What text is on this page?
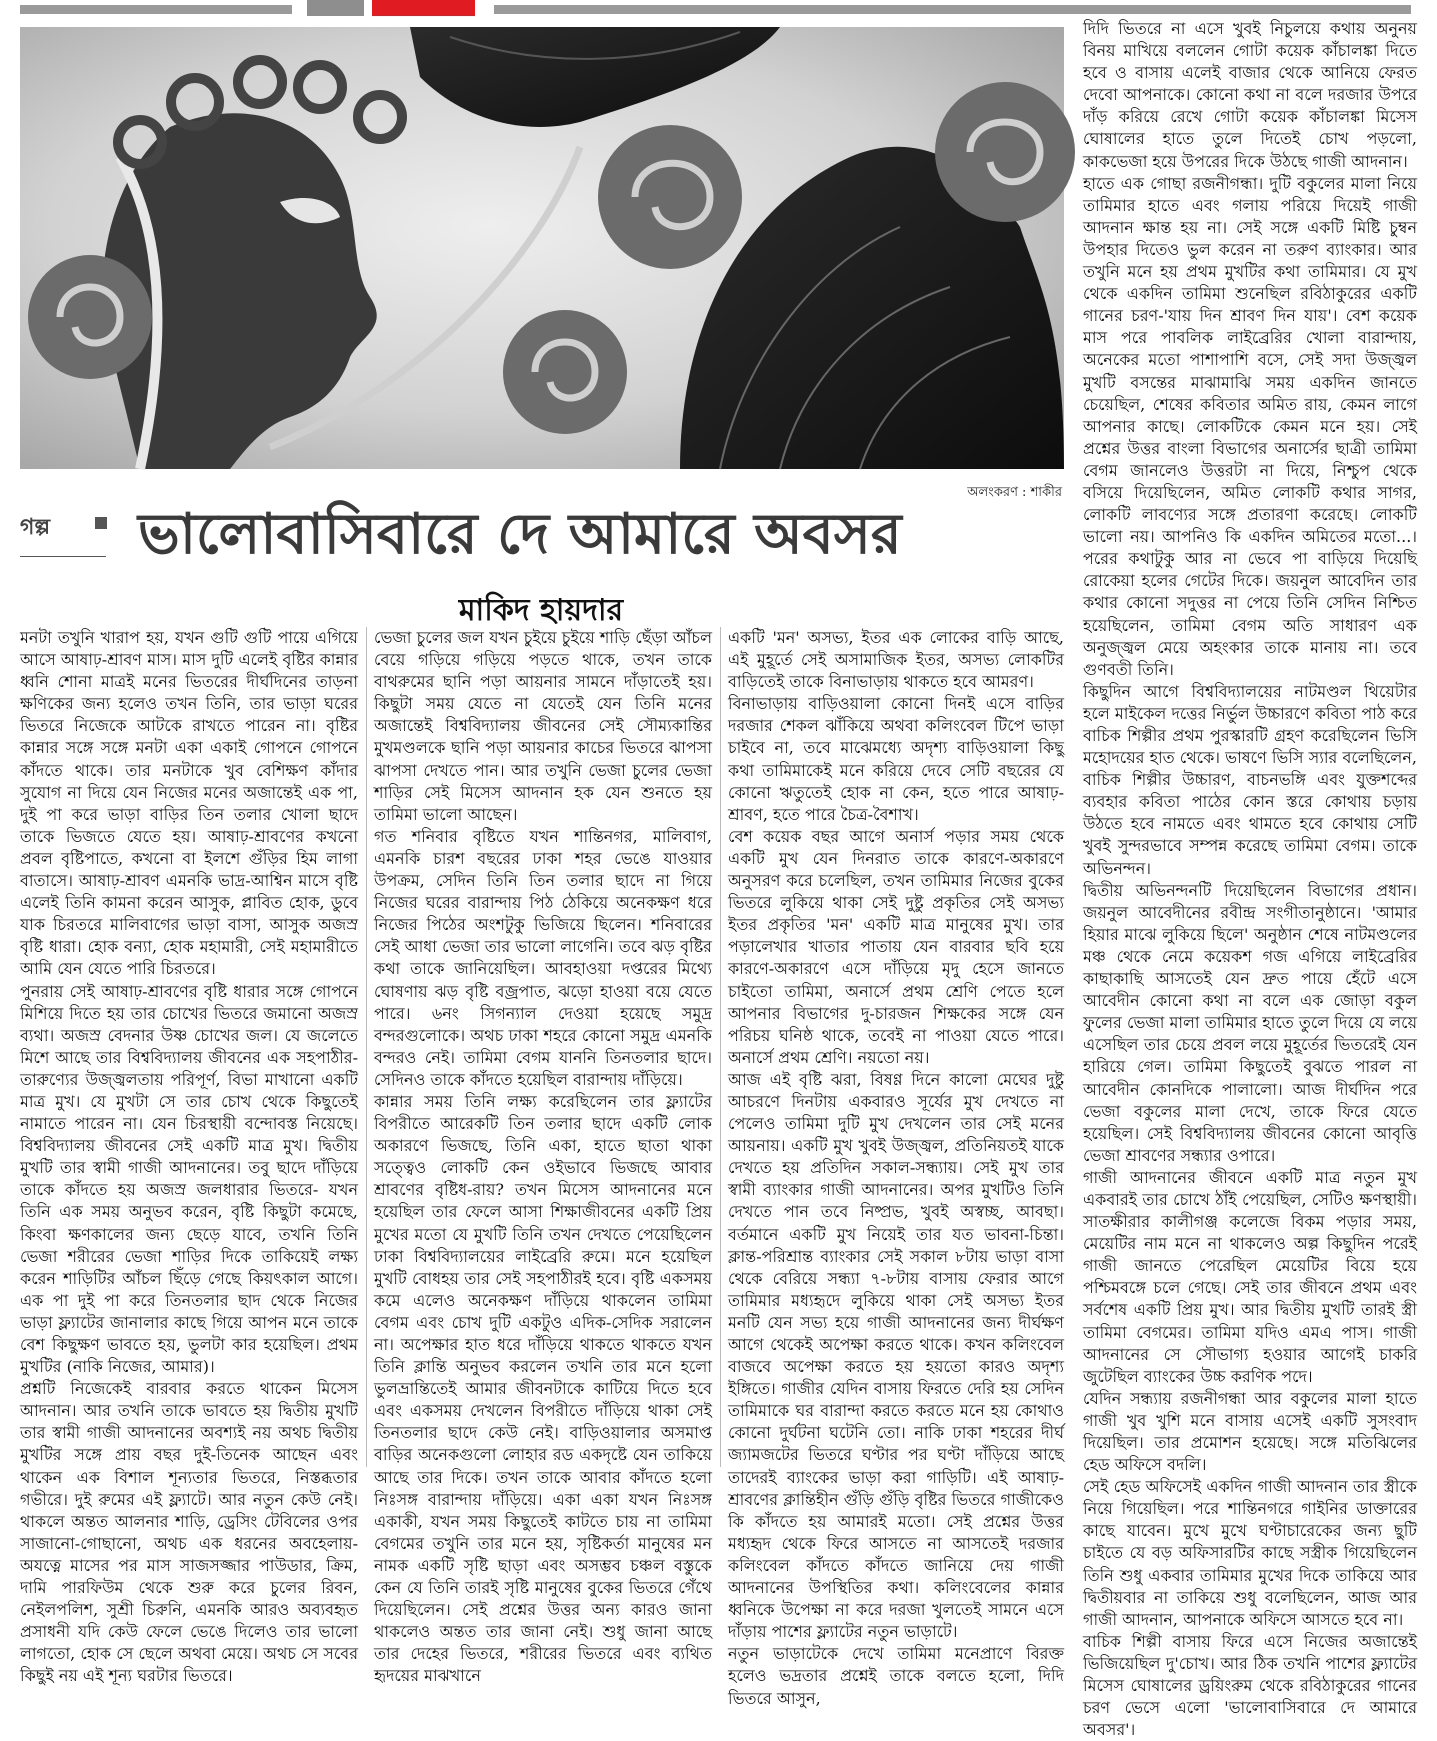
অলংকরণ : শাকীর
গল্প ভালোবাসিবারে দে আমারে অবসর
মাকিদ হায়দার

মনটা তখুনি খারাপ হয়, যখন গুটি গুটি পায়ে এগিয়ে আসে আষাঢ়-শ্রাবণ মাস। মাস দুটি এলেই বৃষ্টির কান্নার ধ্বনি শোনা মাত্রই মনের ভিতরের দীর্ঘদিনের তাড়না ক্ষণিকের জন্য হলেও তখন তিনি, তার ভাড়া ঘরের ভিতরে নিজেকে আটকে রাখতে পারেন না। বৃষ্টির কান্নার সঙ্গে সঙ্গে মনটা একা একাই গোপনে গোপনে কাঁদতে থাকে। তার মনটাকে খুব বেশিক্ষণ কাঁদার সুযোগ না দিয়ে যেন নিজের মনের অজান্তেই এক পা, দুই পা করে ভাড়া বাড়ির তিন তলার খোলা ছাদে তাকে ভিজতে যেতে হয়। আষাঢ়-শ্রাবণের কখনো প্রবল বৃষ্টিপাতে, কখনো বা ইলশে গুঁড়ির হিম লাগা বাতাসে। আষাঢ়-শ্রাবণ এমনকি ভাদ্র-আশ্বিন মাসে বৃষ্টি এলেই তিনি কামনা করেন আসুক, প্লাবিত হোক, ডুবে যাক চিরতরে মালিবাগের ভাড়া বাসা, আসুক অজস্র বৃষ্টি ধারা। হোক বন্যা, হোক মহামারী, সেই মহামারীতে আমি যেন যেতে পারি চিরতরে।

পুনরায় সেই আষাঢ়-শ্রাবণের বৃষ্টি ধারার সঙ্গে গোপনে মিশিয়ে দিতে হয় তার চোখের ভিতরে জমানো অজস্র ব্যথা। অজস্র বেদনার উষ্ণ চোখের জল। যে জলেতে মিশে আছে তার বিশ্ববিদ্যালয় জীবনের এক সহপাঠীর- তারুণ্যের উজ্জ্বলতায় পরিপূর্ণ, বিভা মাখানো একটি মাত্র মুখ। যে মুখটা সে তার চোখ থেকে কিছুতেই নামাতে পারেন না। যেন চিরস্থায়ী বন্দোবস্ত নিয়েছে। বিশ্ববিদ্যালয় জীবনের সেই একটি মাত্র মুখ। দ্বিতীয় মুখটি তার স্বামী গাজী আদনানের। তবু ছাদে দাঁড়িয়ে তাকে কাঁদতে হয় অজস্র জলধারার ভিতরে- যখন তিনি এক সময় অনুভব করেন, বৃষ্টি কিছুটা কমেছে, কিংবা ক্ষণকালের জন্য ছেড়ে যাবে, তখনি তিনি ভেজা শরীরের ভেজা শাড়ির দিকে তাকিয়েই লক্ষ্য করেন শাড়িটির আঁচল ছিঁড়ে গেছে কিয়ৎকাল আগে। এক পা দুই পা করে তিনতলার ছাদ থেকে নিজের ভাড়া ফ্ল্যাটের জানালার কাছে গিয়ে আপন মনে তাকে বেশ কিছুক্ষণ ভাবতে হয়, ভুলটা কার হয়েছিল। প্রথম মুখটির (নাকি নিজের, আমার)।

প্রশ্নটি নিজেকেই বারবার করতে থাকেন মিসেস আদনান। আর তখনি তাকে ভাবতে হয় দ্বিতীয় মুখটি তার স্বামী গাজী আদনানের অবশ্যই নয় অথচ দ্বিতীয় মুখটির সঙ্গে প্রায় বছর দুই-তিনেক আছেন এবং থাকেন এক বিশাল শূন্যতার ভিতরে, নিস্তব্ধতার গভীরে। দুই রুমের এই ফ্ল্যাটে। আর নতুন কেউ নেই। থাকলে অন্তত আলনার শাড়ি, ড্রেসিং টেবিলের ওপর সাজানো-গোছানো, অথচ এক ধরনের অবহেলায়-অযত্নে মাসের পর মাস সাজসজ্জার পাউডার, ক্রিম, দামি পারফিউম থেকে শুরু করে চুলের রিবন, নেইলপলিশ, সুশ্রী চিরুনি, এমনকি আরও অব্যবহৃত প্রসাধনী যদি কেউ ফেলে ভেঙে দিলেও তার ভালো লাগতো, হোক সে ছেলে অথবা মেয়ে। অথচ সে সবের কিছুই নয় এই শূন্য ঘরটার ভিতরে।

ভেজা চুলের জল যখন চুইয়ে চুইয়ে শাড়ি ছেঁড়া আঁচল বেয়ে গড়িয়ে গড়িয়ে পড়তে থাকে, তখন তাকে বাথরুমের ছানি পড়া আয়নার সামনে দাঁড়াতেই হয়। কিছুটা সময় যেতে না যেতেই যেন তিনি মনের অজান্তেই বিশ্ববিদ্যালয় জীবনের সেই সৌম্যকান্তির মুখমণ্ডলকে ছানি পড়া আয়নার কাচের ভিতরে ঝাপসা ঝাপসা দেখতে পান। আর তখুনি ভেজা চুলের ভেজা শাড়ির সেই মিসেস আদনান হক যেন শুনতে হয় তামিমা ভালো আছেন।

গত শনিবার বৃষ্টিতে যখন শান্তিনগর, মালিবাগ, এমনকি চারশ বছরের ঢাকা শহর ভেঙে যাওয়ার উপক্রম, সেদিন তিনি তিন তলার ছাদে না গিয়ে নিজের ঘরের বারান্দায় পিঠ ঠেকিয়ে অনেকক্ষণ ধরে নিজের পিঠের অংশটুকু ভিজিয়ে ছিলেন। শনিবারের সেই আধা ভেজা তার ভালো লাগেনি। তবে ঝড় বৃষ্টির কথা তাকে জানিয়েছিল। আবহাওয়া দপ্তরের মিথ্যে ঘোষণায় ঝড় বৃষ্টি বজ্রপাত, ঝড়ো হাওয়া বয়ে যেতে পারে। ৬নং সিগন্যাল দেওয়া হয়েছে সমুদ্র বন্দরগুলোকে। অথচ ঢাকা শহরে কোনো সমুদ্র এমনকি বন্দরও নেই। তামিমা বেগম যাননি তিনতলার ছাদে। সেদিনও তাকে কাঁদতে হয়েছিল বারান্দায় দাঁড়িয়ে।

কান্নার সময় তিনি লক্ষ্য করেছিলেন তার ফ্ল্যাটের বিপরীতে আরেকটি তিন তলার ছাদে একটি লোক অকারণে ভিজছে, তিনি একা, হাতে ছাতা থাকা সত্ত্বেও লোকটি কেন ওইভাবে ভিজছে আবার শ্রাবণের বৃষ্টিধ-রায়? তখন মিসেস আদনানের মনে হয়েছিল তার ফেলে আসা শিক্ষাজীবনের একটি প্রিয় মুখের মতো যে মুখটি তিনি তখন দেখতে পেয়েছিলেন ঢাকা বিশ্ববিদ্যালয়ের লাইব্রেরি রুমে। মনে হয়েছিল মুখটি বোধহয় তার সেই সহপাঠীরই হবে। বৃষ্টি একসময় কমে এলেও অনেকক্ষণ দাঁড়িয়ে থাকলেন তামিমা বেগম এবং চোখ দুটি একটুও এদিক-সেদিক সরালেন না। অপেক্ষার হাত ধরে দাঁড়িয়ে থাকতে থাকতে যখন তিনি ক্লান্তি অনুভব করলেন তখনি তার মনে হলো ভুলভ্রান্তিতেই আমার জীবনটাকে কাটিয়ে দিতে হবে এবং একসময় দেখলেন বিপরীতে দাঁড়িয়ে থাকা সেই তিনতলার ছাদে কেউ নেই। বাড়িওয়ালার অসমাপ্ত বাড়ির অনেকগুলো লোহার রড একদৃষ্টে যেন তাকিয়ে আছে তার দিকে। তখন তাকে আবার কাঁদতে হলো নিঃসঙ্গ বারান্দায় দাঁড়িয়ে। একা একা যখন নিঃসঙ্গ একাকী, যখন সময় কিছুতেই কাটতে চায় না তামিমা বেগমের তখুনি তার মনে হয়, সৃষ্টিকর্তা মানুষের মন নামক একটি সৃষ্টি ছাড়া এবং অসম্ভব চঞ্চল বস্তুকে কেন যে তিনি তারই সৃষ্টি মানুষের বুকের ভিতরে গেঁথে দিয়েছিলেন। সেই প্রশ্নের উত্তর অন্য কারও জানা থাকলেও অন্তত তার জানা নেই। শুধু জানা আছে তার দেহের ভিতরে, শরীরের ভিতরে এবং ব্যথিত হৃদয়ের মাঝখানে

একটি 'মন' অসভ্য, ইতর এক লোকের বাড়ি আছে, এই মুহূর্তে সেই অসামাজিক ইতর, অসভ্য লোকটির বাড়িতেই তাকে বিনাভাড়ায় থাকতে হবে আমরণ।

বিনাভাড়ায় বাড়িওয়ালা কোনো দিনই এসে বাড়ির দরজার শেকল ঝাঁকিয়ে অথবা কলিংবেল টিপে ভাড়া চাইবে না, তবে মাঝেমধ্যে অদৃশ্য বাড়িওয়ালা কিছু কথা তামিমাকেই মনে করিয়ে দেবে সেটি বছরের যে কোনো ঋতুতেই হোক না কেন, হতে পারে আষাঢ়-শ্রাবণ, হতে পারে চৈত্র-বৈশাখ।

বেশ কয়েক বছর আগে অনার্স পড়ার সময় থেকে একটি মুখ যেন দিনরাত তাকে কারণে-অকারণে অনুসরণ করে চলেছিল, তখন তামিমার নিজের বুকের ভিতরে লুকিয়ে থাকা সেই দুষ্টু প্রকৃতির সেই অসভ্য ইতর প্রকৃতির 'মন' একটি মাত্র মানুষের মুখ। তার পড়ালেখার খাতার পাতায় যেন বারবার ছবি হয়ে কারণে-অকারণে এসে দাঁড়িয়ে মৃদু হেসে জানতে চাইতো তামিমা, অনার্সে প্রথম শ্রেণি পেতে হলে আপনার বিভাগের দু-চারজন শিক্ষকের সঙ্গে যেন পরিচয় ঘনিষ্ঠ থাকে, তবেই না পাওয়া যেতে পারে। অনার্সে প্রথম শ্রেণি। নয়তো নয়।

আজ এই বৃষ্টি ঝরা, বিষণ্ণ দিনে কালো মেঘের দুষ্টু আচরণে দিনটায় একবারও সূর্যের মুখ দেখতে না পেলেও তামিমা দুটি মুখ দেখলেন তার সেই মনের আয়নায়। একটি মুখ খুবই উজ্জ্বল, প্রতিনিয়তই যাকে দেখতে হয় প্রতিদিন সকাল-সন্ধ্যায়। সেই মুখ তার স্বামী ব্যাংকার গাজী আদনানের। অপর মুখটিও তিনি দেখতে পান তবে নিষ্প্রভ, খুবই অস্বচ্ছ, আবছা। বর্তমানে একটি মুখ নিয়েই তার যত ভাবনা-চিন্তা। ক্লান্ত-পরিশ্রান্ত ব্যাংকার সেই সকাল ৮টায় ভাড়া বাসা থেকে বেরিয়ে সন্ধ্যা ৭-৮টায় বাসায় ফেরার আগে তামিমার মধ্যহৃদে লুকিয়ে থাকা সেই অসভ্য ইতর মনটি যেন সভ্য হয়ে গাজী আদনানের জন্য দীর্ঘক্ষণ আগে থেকেই অপেক্ষা করতে থাকে। কখন কলিংবেল বাজবে অপেক্ষা করতে হয় হয়তো কারও অদৃশ্য ইঙ্গিতে। গাজীর যেদিন বাসায় ফিরতে দেরি হয় সেদিন তামিমাকে ঘর বারান্দা করতে করতে মনে হয় কোথাও কোনো দুর্ঘটনা ঘটেনি তো। নাকি ঢাকা শহরের দীর্ঘ জ্যামজটের ভিতরে ঘণ্টার পর ঘণ্টা দাঁড়িয়ে আছে তাদেরই ব্যাংকের ভাড়া করা গাড়িটি। এই আষাঢ়-শ্রাবণের ক্লান্তিহীন গুঁড়ি গুঁড়ি বৃষ্টির ভিতরে গাজীকেও কি কাঁদতে হয় আমারই মতো। সেই প্রশ্নের উত্তর মধ্যহৃদ থেকে ফিরে আসতে না আসতেই দরজার কলিংবেল কাঁদতে কাঁদতে জানিয়ে দেয় গাজী আদনানের উপস্থিতির কথা। কলিংবেলের কান্নার ধ্বনিকে উপেক্ষা না করে দরজা খুলতেই সামনে এসে দাঁড়ায় পাশের ফ্ল্যাটের নতুন ভাড়াটে।

নতুন ভাড়াটেকে দেখে তামিমা মনেপ্রাণে বিরক্ত হলেও ভদ্রতার প্রশ্নেই তাকে বলতে হলো, দিদি ভিতরে আসুন,

দিদি ভিতরে না এসে খুবই নিচুলয়ে কথায় অনুনয় বিনয় মাখিয়ে বললেন গোটা কয়েক কাঁচালঙ্কা দিতে হবে ও বাসায় এলেই বাজার থেকে আনিয়ে ফেরত দেবো আপনাকে। কোনো কথা না বলে দরজার উপরে দাঁড় করিয়ে রেখে গোটা কয়েক কাঁচালঙ্কা মিসেস ঘোষালের হাতে তুলে দিতেই চোখ পড়লো, কাকভেজা হয়ে উপরের দিকে উঠছে গাজী আদনান।

হাতে এক গোছা রজনীগন্ধা। দুটি বকুলের মালা নিয়ে তামিমার হাতে এবং গলায় পরিয়ে দিয়েই গাজী আদনান ক্ষান্ত হয় না। সেই সঙ্গে একটি মিষ্টি চুম্বন উপহার দিতেও ভুল করেন না তরুণ ব্যাংকার। আর তখুনি মনে হয় প্রথম মুখটির কথা তামিমার। যে মুখ থেকে একদিন তামিমা শুনেছিল রবিঠাকুরের একটি গানের চরণ-'যায় দিন শ্রাবণ দিন যায়'। বেশ কয়েক মাস পরে পাবলিক লাইব্রেরির খোলা বারান্দায়, অনেকের মতো পাশাপাশি বসে, সেই সদা উজ্জ্বল মুখটি বসন্তের মাঝামাঝি সময় একদিন জানতে চেয়েছিল, শেষের কবিতার অমিত রায়, কেমন লাগে আপনার কাছে। লোকটিকে কেমন মনে হয়। সেই প্রশ্নের উত্তর বাংলা বিভাগের অনার্সের ছাত্রী তামিমা বেগম জানলেও উত্তরটা না দিয়ে, নিশ্চুপ থেকে বসিয়ে দিয়েছিলেন, অমিত লোকটি কথার সাগর, লোকটি লাবণ্যের সঙ্গে প্রতারণা করেছে। লোকটি ভালো নয়। আপনিও কি একদিন অমিতের মতো...। পরের কথাটুকু আর না ভেবে পা বাড়িয়ে দিয়েছি রোকেয়া হলের গেটের দিকে। জয়নুল আবেদিন তার কথার কোনো সদুত্তর না পেয়ে তিনি সেদিন নিশ্চিত হয়েছিলেন, তামিমা বেগম অতি সাধারণ এক অনুজ্জ্বল মেয়ে অহংকার তাকে মানায় না। তবে গুণবতী তিনি।

কিছুদিন আগে বিশ্ববিদ্যালয়ের নাটমণ্ডল থিয়েটার হলে মাইকেল দত্তের নির্ভুল উচ্চারণে কবিতা পাঠ করে বাচিক শিল্পীর প্রথম পুরস্কারটি গ্রহণ করেছিলেন ভিসি মহোদয়ের হাত থেকে। ভাষণে ভিসি স্যার বলেছিলেন, বাচিক শিল্পীর উচ্চারণ, বাচনভঙ্গি এবং যুক্তশব্দের ব্যবহার কবিতা পাঠের কোন স্তরে কোথায় চড়ায় উঠতে হবে নামতে এবং থামতে হবে কোথায় সেটি খুবই সুন্দরভাবে সম্পন্ন করেছে তামিমা বেগম। তাকে অভিনন্দন।

দ্বিতীয় অভিনন্দনটি দিয়েছিলেন বিভাগের প্রধান। জয়নুল আবেদীনের রবীন্দ্র সংগীতানুষ্ঠানে। 'আমার হিয়ার মাঝে লুকিয়ে ছিলে' অনুষ্ঠান শেষে নাটমণ্ডলের মঞ্চ থেকে নেমে কয়েকশ গজ এগিয়ে লাইব্রেরির কাছাকাছি আসতেই যেন দ্রুত পায়ে হেঁটে এসে আবেদীন কোনো কথা না বলে এক জোড়া বকুল ফুলের ভেজা মালা তামিমার হাতে তুলে দিয়ে যে লয়ে এসেছিল তার চেয়ে প্রবল লয়ে মুহূর্তের ভিতরেই যেন হারিয়ে গেল। তামিমা কিছুতেই বুঝতে পারল না আবেদীন কোনদিকে পালালো। আজ দীর্ঘদিন পরে ভেজা বকুলের মালা দেখে, তাকে ফিরে যেতে হয়েছিল। সেই বিশ্ববিদ্যালয় জীবনের কোনো আবৃত্তি ভেজা শ্রাবণের সন্ধ্যার ওপারে।

গাজী আদনানের জীবনে একটি মাত্র নতুন মুখ একবারই তার চোখে ঠাঁই পেয়েছিল, সেটিও ক্ষণস্থায়ী। সাতক্ষীরার কালীগঞ্জ কলেজে বিকম পড়ার সময়, মেয়েটির নাম মনে না থাকলেও অল্প কিছুদিন পরেই গাজী জানতে পেরেছিল মেয়েটির বিয়ে হয়ে পশ্চিমবঙ্গে চলে গেছে। সেই তার জীবনে প্রথম এবং সর্বশেষ একটি প্রিয় মুখ। আর দ্বিতীয় মুখটি তারই স্ত্রী তামিমা বেগমের। তামিমা যদিও এমএ পাস। গাজী আদনানের সে সৌভাগ্য হওয়ার আগেই চাকরি জুটেছিল ব্যাংকের উচ্চ করণিক পদে।

যেদিন সন্ধ্যায় রজনীগন্ধা আর বকুলের মালা হাতে গাজী খুব খুশি মনে বাসায় এসেই একটি সুসংবাদ দিয়েছিল। তার প্রমোশন হয়েছে। সঙ্গে মতিঝিলের হেড অফিসে বদলি।

সেই হেড অফিসেই একদিন গাজী আদনান তার স্ত্রীকে নিয়ে গিয়েছিল। পরে শান্তিনগরে গাইনির ডাক্তারের কাছে যাবেন। মুখে মুখে ঘণ্টাচারেকের জন্য ছুটি চাইতে যে বড় অফিসারটির কাছে সস্ত্রীক গিয়েছিলেন তিনি শুধু একবার তামিমার মুখের দিকে তাকিয়ে আর দ্বিতীয়বার না তাকিয়ে শুধু বলেছিলেন, আজ আর গাজী আদনান, আপনাকে অফিসে আসতে হবে না।

বাচিক শিল্পী বাসায় ফিরে এসে নিজের অজান্তেই ভিজিয়েছিল দু'চোখ। আর ঠিক তখনি পাশের ফ্ল্যাটের মিসেস ঘোষালের ড্রয়িংরুম থেকে রবিঠাকুরের গানের চরণ ভেসে এলো 'ভালোবাসিবারে দে আমারে অবসর'।
